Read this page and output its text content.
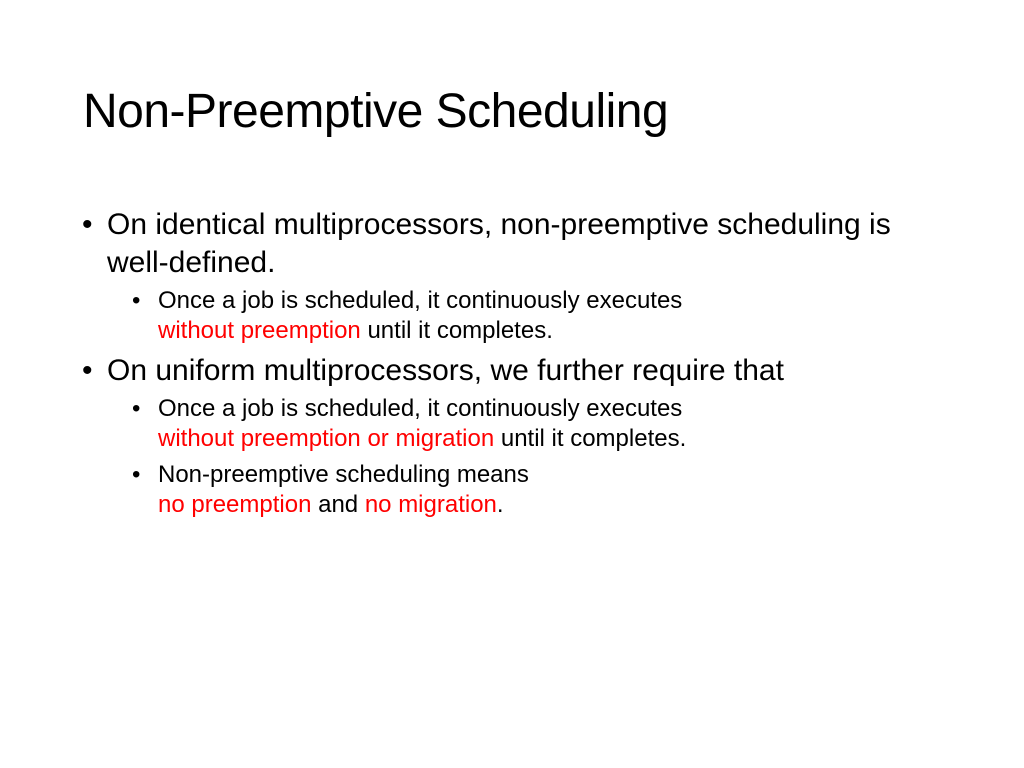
Non-Preemptive Scheduling
• On identical multiprocessors, non-preemptive scheduling is well-defined.
• Once a job is scheduled, it continuously executes
without preemption until it completes.
• On uniform multiprocessors, we further require that
• Once a job is scheduled, it continuously executes
without preemption or migration until it completes.
• Non-preemptive scheduling means
no preemption and no migration.
